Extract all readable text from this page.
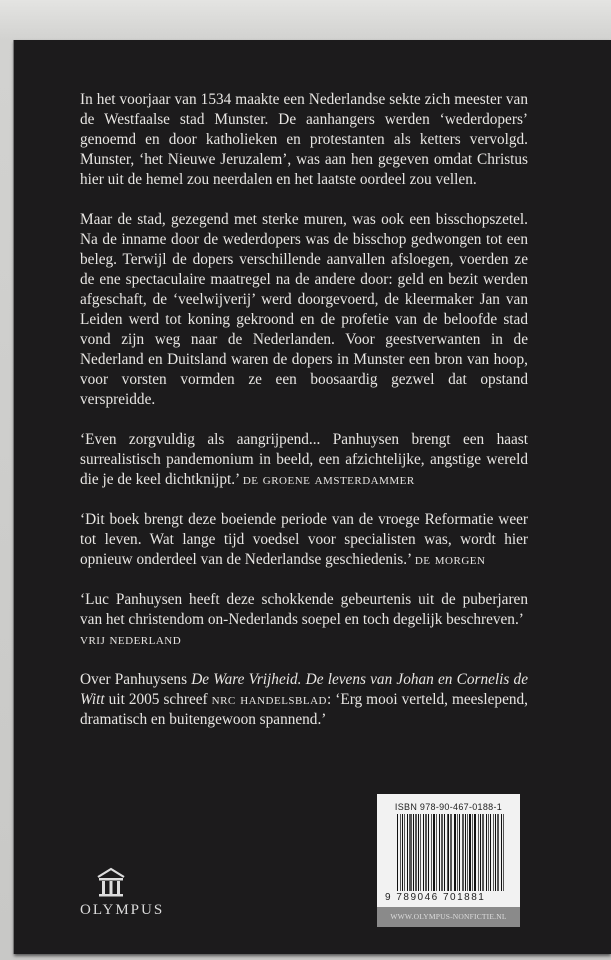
In het voorjaar van 1534 maakte een Nederlandse sekte zich meester van de Westfaalse stad Munster. De aanhangers werden ‘wederdopers’ genoemd en door katholieken en protestanten als ketters vervolgd. Munster, ‘het Nieuwe Jeruzalem’, was aan hen gegeven omdat Christus hier uit de hemel zou neerdalen en het laatste oordeel zou vellen.

Maar de stad, gezegend met sterke muren, was ook een bisschopszetel. Na de inname door de wederdopers was de bisschop gedwongen tot een beleg. Terwijl de dopers verschillende aanvallen afsloegen, voerden ze de ene spectaculaire maatregel na de andere door: geld en bezit werden afgeschaft, de ‘veelwijverij’ werd doorgevoerd, de kleermaker Jan van Leiden werd tot koning gekroond en de profetie van de beloofde stad vond zijn weg naar de Nederlanden. Voor geestverwanten in de Nederland en Duitsland waren de dopers in Munster een bron van hoop, voor vorsten vormden ze een boosaardig gezwel dat opstand verspreidde.

‘Even zorgvuldig als aangrijpend... Panhuysen brengt een haast surrealistisch pandemonium in beeld, een afzichtelijke, angstige wereld die je de keel dichtknijpt.’ de groene amsterdammer

‘Dit boek brengt deze boeiende periode van de vroege Reformatie weer tot leven. Wat lange tijd voedsel voor specialisten was, wordt hier opnieuw onderdeel van de Nederlandse geschiedenis.’ de morgen

‘Luc Panhuysen heeft deze schokkende gebeurtenis uit de puberjaren van het christendom on-Nederlands soepel en toch degelijk beschreven.’
vrij nederland

Over Panhuysens De Ware Vrijheid. De levens van Johan en Cornelis de Witt uit 2005 schreef nrc handelsblad: ‘Erg mooi verteld, meeslepend, dramatisch en buitengewoon spannend.’

OLYMPUS
ISBN 978-90-467-0188-1
9 789046 701881
WWW.OLYMPUS-NONFICTIE.NL
